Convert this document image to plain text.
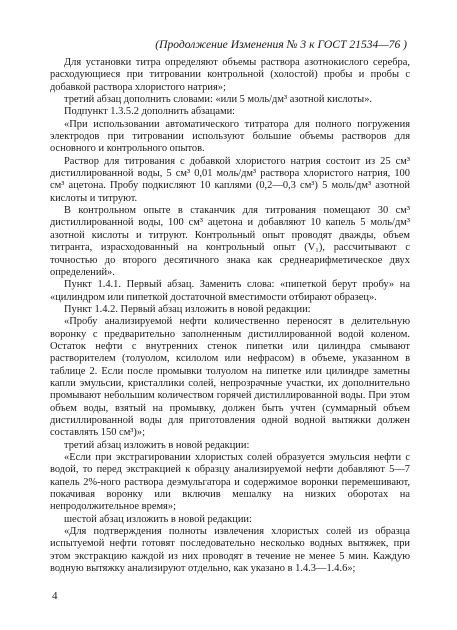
(Продолжение Изменения № 3 к ГОСТ 21534—76 )

Для установки титра определяют объемы раствора азотнокислого серебра, расходующиеся при титровании контрольной (холостой) пробы и пробы с добавкой раствора хлористого натрия»;

третий абзац дополнить словами: «или 5 моль/дм³ азотной кислоты».

Подпункт 1.3.5.2 дополнить абзацами:

«При использовании автоматического титратора для полного погружения электродов при титровании используют большие объемы растворов для основного и контрольного опытов.

Раствор для титрования с добавкой хлористого натрия состоит из 25 см³ дистиллированной воды, 5 см³ 0,01 моль/дм³ раствора хлористого натрия, 100 см³ ацетона. Пробу подкисляют 10 каплями (0,2—0,3 см³) 5 моль/дм³ азотной кислоты и титруют.

В контрольном опыте в стаканчик для титрования помещают 30 см³ дистиллированной воды, 100 см³ ацетона и добавляют 10 капель 5 моль/дм³ азотной кислоты и титруют. Контрольный опыт проводят дважды, объем титранта, израсходованный на контрольный опыт (V₁), рассчитывают с точностью до второго десятичного знака как среднеарифметическое двух определений».

Пункт 1.4.1. Первый абзац. Заменить слова: «пипеткой берут пробу» на «цилиндром или пипеткой достаточной вместимости отбирают образец».

Пункт 1.4.2. Первый абзац изложить в новой редакции:

«Пробу анализируемой нефти количественно переносят в делительную воронку с предварительно заполненным дистиллированной водой коленом. Остаток нефти с внутренних стенок пипетки или цилиндра смывают растворителем (толуолом, ксилолом или нефрасом) в объеме, указанном в таблице 2. Если после промывки толуолом на пипетке или цилиндре заметны капли эмульсии, кристаллики солей, непрозрачные участки, их дополнительно промывают небольшим количеством горячей дистиллированной воды. При этом объем воды, взятый на промывку, должен быть учтен (суммарный объем дистиллированной воды для приготовления одной водной вытяжки должен составлять 150 см³)»;

третий абзац изложить в новой редакции:

«Если при экстрагировании хлористых солей образуется эмульсия нефти с водой, то перед экстракцией к образцу анализируемой нефти добавляют 5—7 капель 2%-ного раствора деэмульгатора и содержимое воронки перемешивают, покачивая воронку или включив мешалку на низких оборотах на непродолжительное время»;

шестой абзац изложить в новой редакции:

«Для подтверждения полноты извлечения хлористых солей из образца испытуемой нефти готовят последовательно несколько водных вытяжек, при этом экстракцию каждой из них проводят в течение не менее 5 мин. Каждую водную вытяжку анализируют отдельно, как указано в 1.4.3—1.4.6»;

4
